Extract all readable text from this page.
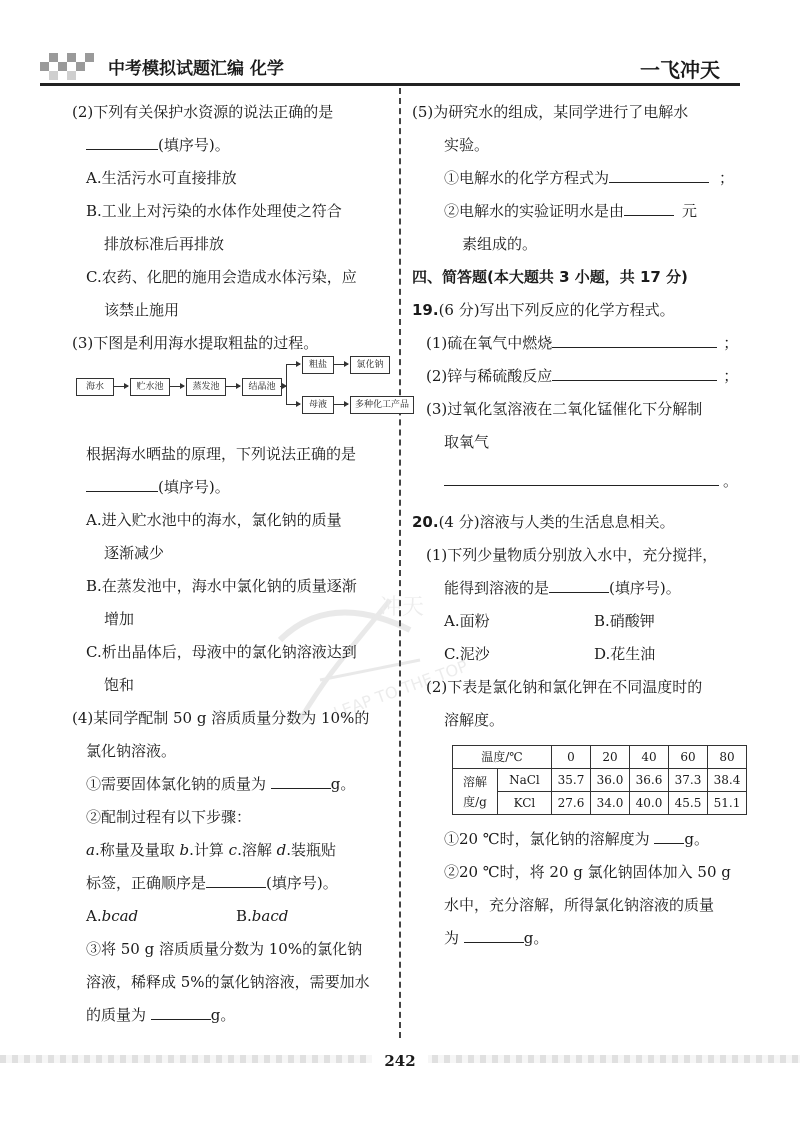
中考模拟试题汇编 化学	一飞冲天
冲天
LEAP TO THE TOP
(2)下列有关保护水资源的说法正确的是
(填序号)。
A.生活污水可直接排放
B.工业上对污染的水体作处理使之符合
排放标准后再排放
C.农药、化肥的施用会造成水体污染，应
该禁止施用
(3)下图是利用海水提取粗盐的过程。
海水	贮水池	蒸发池	结晶池
粗盐	氯化钠
母液	多种化工产品
根据海水晒盐的原理，下列说法正确的是
(填序号)。
A.进入贮水池中的海水，氯化钠的质量
逐渐减少
B.在蒸发池中，海水中氯化钠的质量逐渐
增加
C.析出晶体后，母液中的氯化钠溶液达到
饱和
(4)某同学配制 50 g 溶质质量分数为 10%的
氯化钠溶液。
①需要固体氯化钠的质量为	g。
②配制过程有以下步骤：
a.称量及量取 b.计算 c.溶解 d.装瓶贴
标签，正确顺序是	(填序号)。
A.bcad	B.bacd
③将 50 g 溶质质量分数为 10%的氯化钠
溶液，稀释成 5%的氯化钠溶液，需要加水
的质量为	g。
(5)为研究水的组成，某同学进行了电解水
实验。
①电解水的化学方程式为	；
②电解水的实验证明水是由	元
素组成的。
四、简答题(本大题共 3 小题，共 17 分)
19.(6 分)写出下列反应的化学方程式。
(1)硫在氧气中燃烧	；
(2)锌与稀硫酸反应	；
(3)过氧化氢溶液在二氧化锰催化下分解制
取氧气
。
20.(4 分)溶液与人类的生活息息相关。
(1)下列少量物质分别放入水中，充分搅拌，
能得到溶液的是	(填序号)。
A.面粉	B.硝酸钾
C.泥沙	D.花生油
(2)下表是氯化钠和氯化钾在不同温度时的
溶解度。
温度/℃		0	20	40	60	80
溶解
度/g	NaCl	35.7	36.0	36.6	37.3	38.4
	KCl	27.6	34.0	40.0	45.5	51.1
①20 ℃时，氯化钠的溶解度为 g。
②20 ℃时，将 20 g 氯化钠固体加入 50 g
水中，充分溶解，所得氯化钠溶液的质量
为	g。
242
